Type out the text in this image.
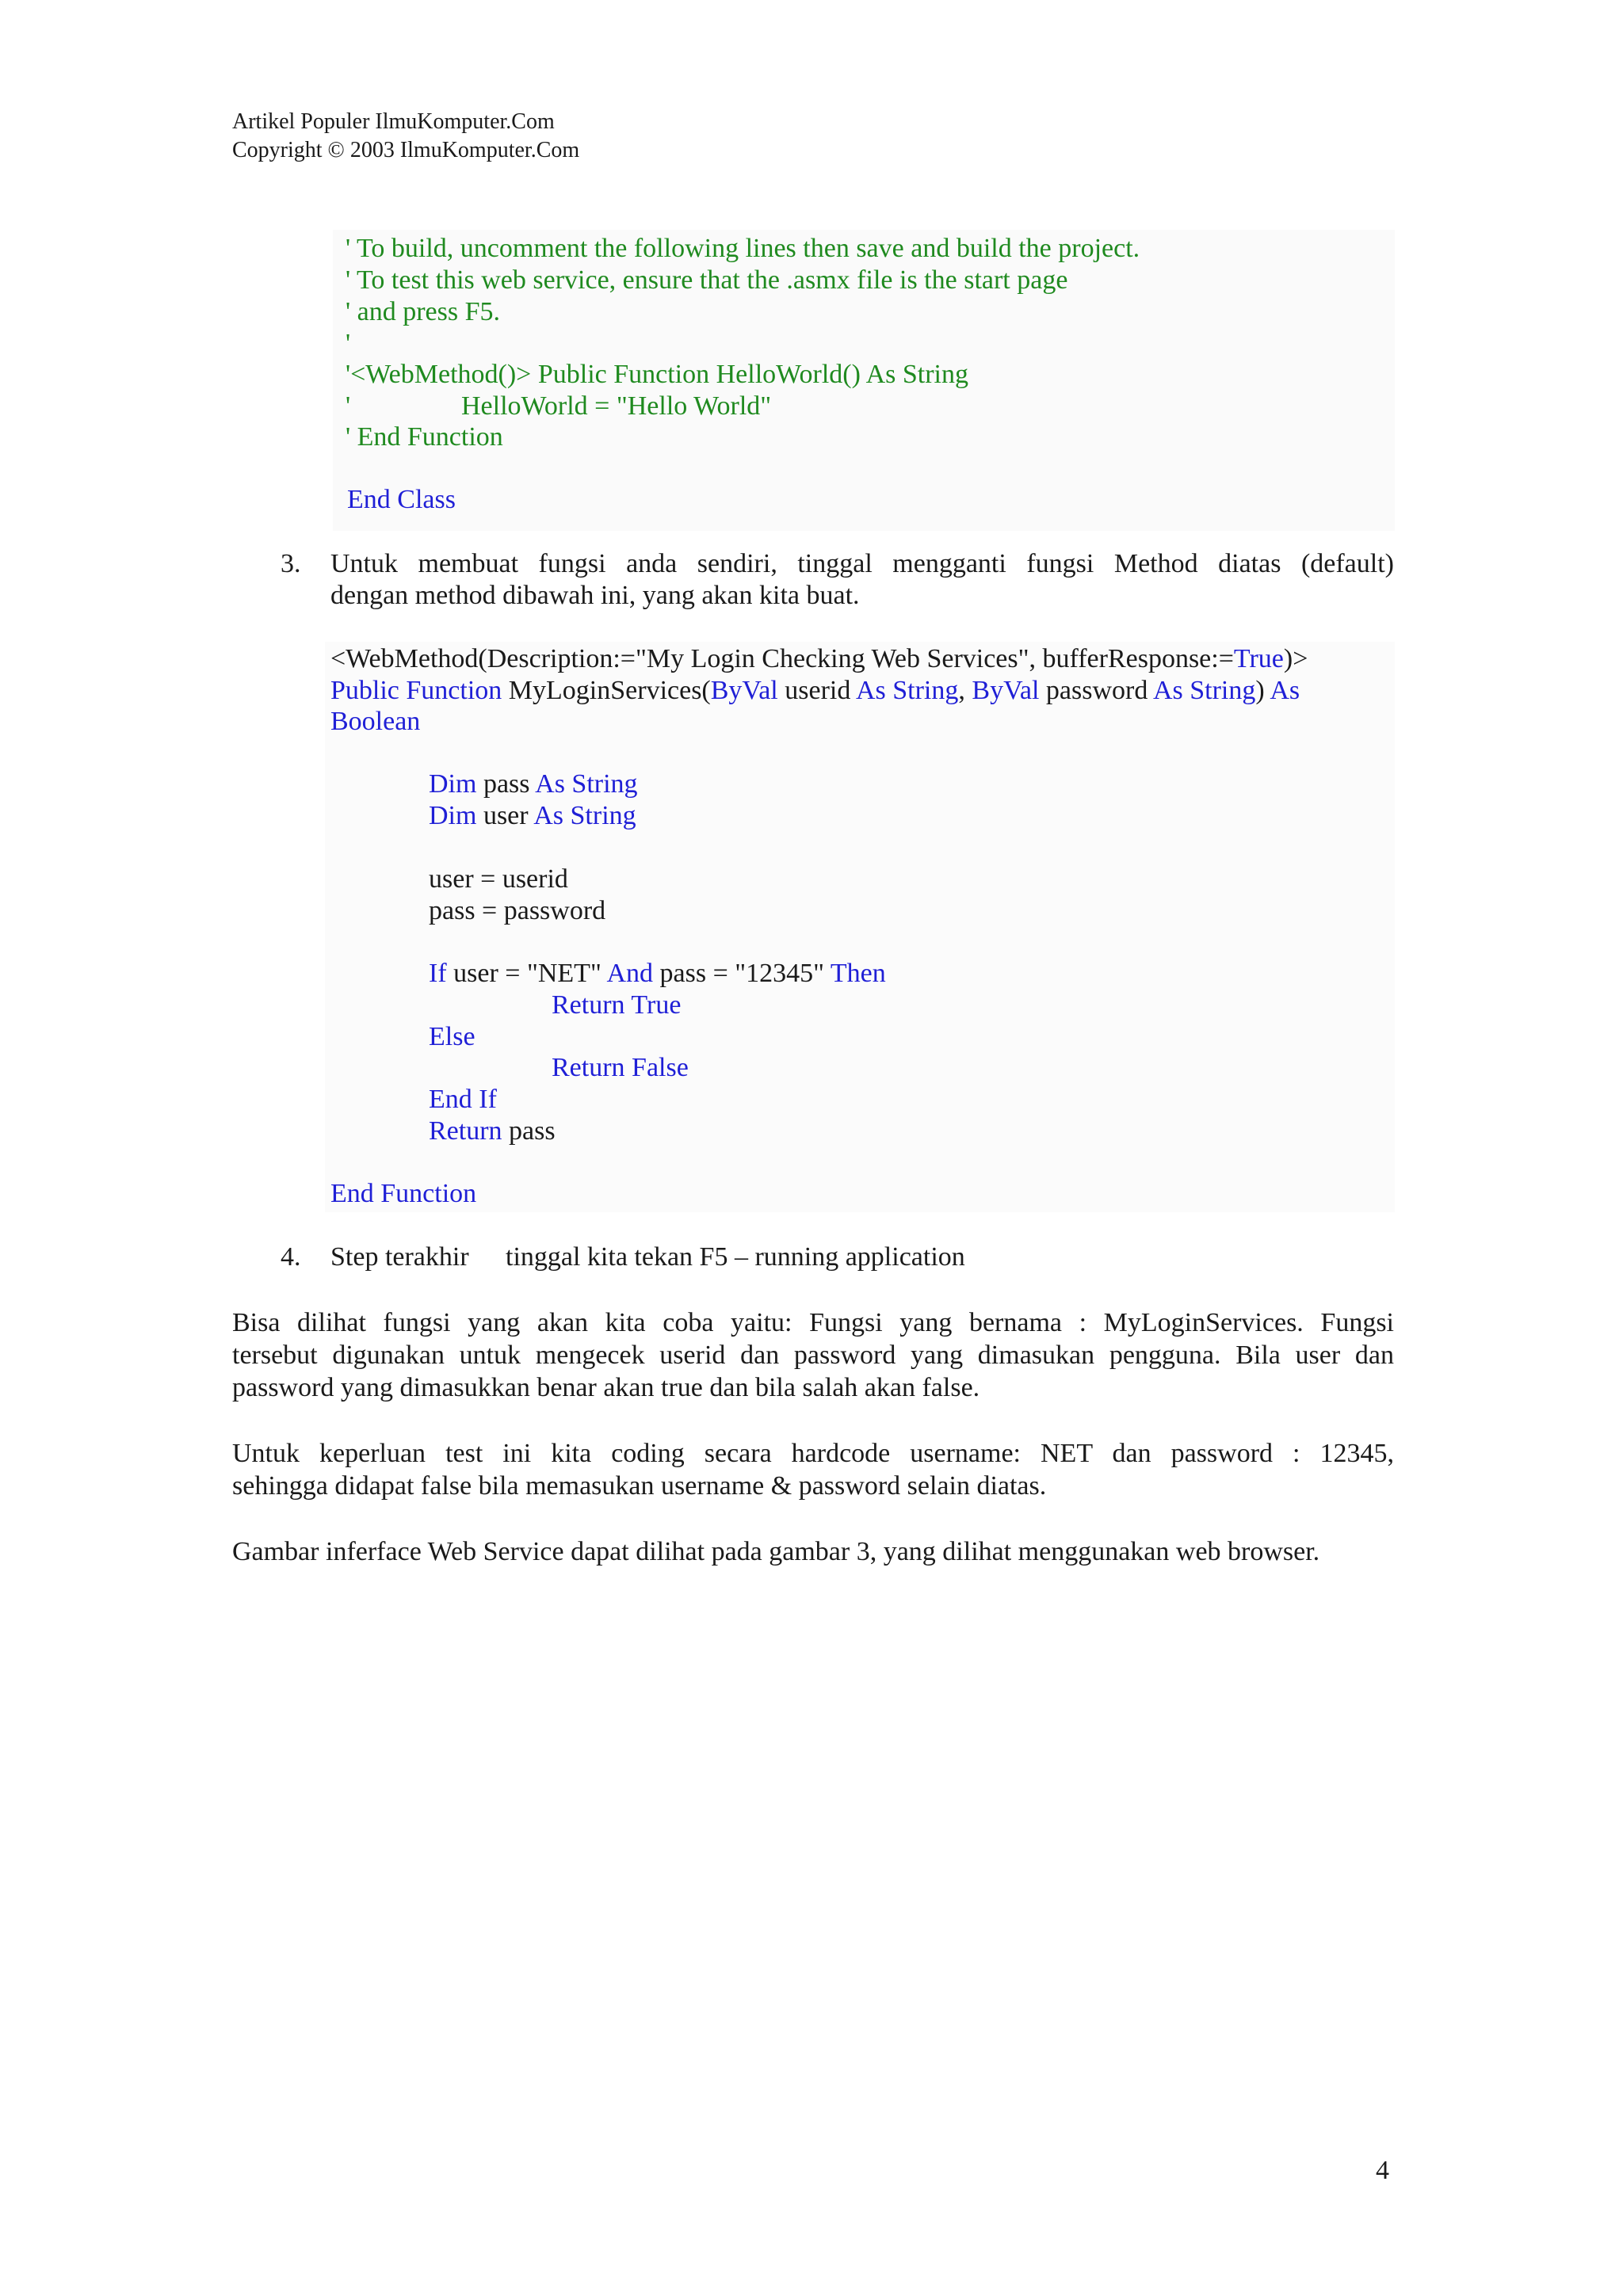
Artikel Populer IlmuKomputer.Com
Copyright © 2003 IlmuKomputer.Com
' To build, uncomment the following lines then save and build the project.
' To test this web service, ensure that the .asmx file is the start page
' and press F5.
'
'<WebMethod()> Public Function HelloWorld() As String
'	HelloWorld = "Hello World"
' End Function
End Class
3. Untuk membuat fungsi anda sendiri, tinggal mengganti fungsi Method diatas (default)
dengan method dibawah ini, yang akan kita buat.
<WebMethod(Description:="My Login Checking Web Services", bufferResponse:=True)>
Public Function MyLoginServices(ByVal userid As String, ByVal password As String) As
Boolean
Dim pass As String
Dim user As String
user = userid
pass = password
If user = "NET" And pass = "12345" Then
Return True
Else
Return False
End If
Return pass
End Function
4. Step terakhir tinggal kita tekan F5 – running application
Bisa dilihat fungsi yang akan kita coba yaitu: Fungsi yang bernama : MyLoginServices. Fungsi
tersebut digunakan untuk mengecek userid dan password yang dimasukan pengguna. Bila user dan
password yang dimasukkan benar akan true dan bila salah akan false.
Untuk keperluan test ini kita coding secara hardcode username: NET dan password : 12345,
sehingga didapat false bila memasukan username & password selain diatas.
Gambar inferface Web Service dapat dilihat pada gambar 3, yang dilihat menggunakan web browser.
4
